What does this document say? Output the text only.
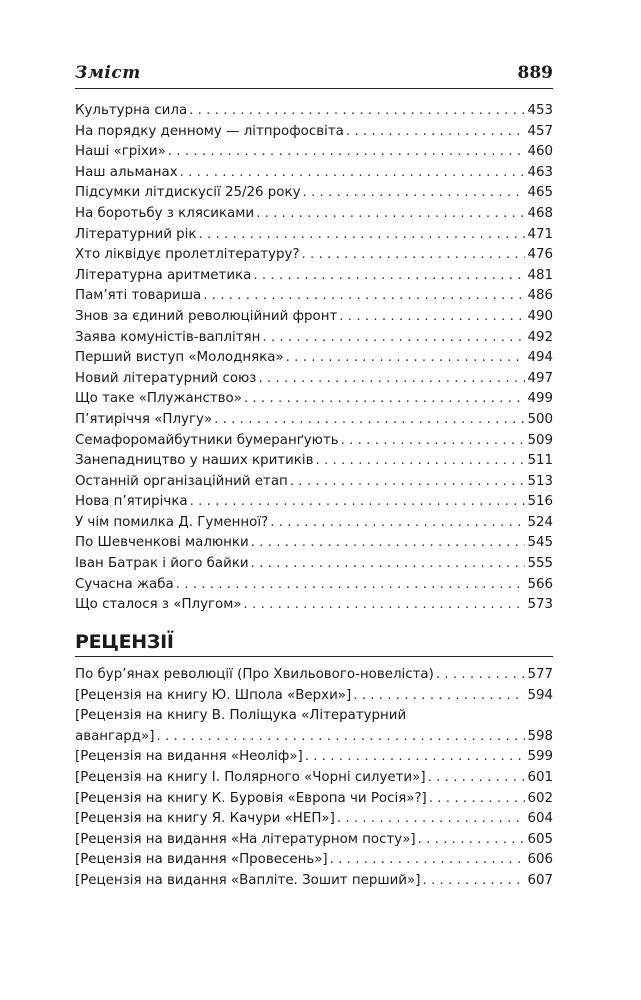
Зміст	889
Культурна сила . . .	453
На порядку денному — літпрофосвіта . . .	457
Наші «гріхи» . . .	460
Наш альманах . . .	463
Підсумки літдискусії 25/26 року . . .	465
На боротьбу з клясиками . . .	468
Літературний рік . . .	471
Хто ліквідує пролетлітературу? . . .	476
Літературна аритметика . . .	481
Пам’яті товариша . . .	486
Знов за єдиний революційний фронт . . .	490
Заява комуністів-ваплітян . . .	492
Перший виступ «Молодняка» . . .	494
Новий літературний союз . . .	497
Що таке «Плужанство» . . .	499
П’ятиріччя «Плугу» . . .	500
Семафоромайбутники бумеранґують . . .	509
Занепадництво у наших критиків . . .	511
Останній організаційний етап . . .	513
Нова п’ятирічка . . .	516
У чім помилка Д. Гуменної? . . .	524
По Шевченкові малюнки . . .	545
Іван Батрак і його байки . . .	555
Сучасна жаба . . .	566
Що сталося з «Плугом» . . .	573
РЕЦЕНЗІЇ
По бур’янах революції (Про Хвильового-новеліста) . . .	577
[Рецензія на книгу Ю. Шпола «Верхи»] . . .	594
[Рецензія на книгу В. Поліщука «Літературний
авангард»] . . .	598
[Рецензія на видання «Неоліф»] . . .	599
[Рецензія на книгу І. Полярного «Чорні силуети»] . . .	601
[Рецензія на книгу К. Буровія «Европа чи Росія»?] . . .	602
[Рецензія на книгу Я. Качури «НЕП»] . . .	604
[Рецензія на видання «На літературном посту»] . . .	605
[Рецензія на видання «Провесень»] . . .	606
[Рецензія на видання «Вапліте. Зошит перший»] . . .	607
